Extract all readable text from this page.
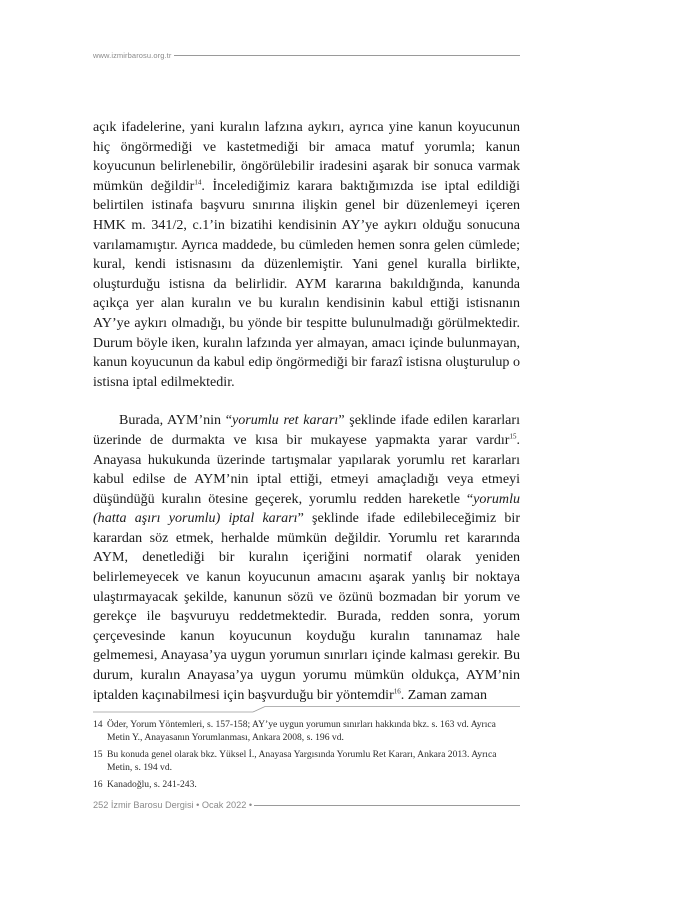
www.izmirbarosu.org.tr

açık ifadelerine, yani kuralın lafzına aykırı, ayrıca yine kanun koyucunun hiç öngörmediği ve kastetmediği bir amaca matuf yorumla; kanun koyucunun belirlenebilir, öngörülebilir iradesini aşarak bir sonuca varmak mümkün değildir$^{14}$. İncelediğimiz karara baktığımızda ise iptal edildiği belirtilen istinafa başvuru sınırına ilişkin genel bir düzenlemeyi içeren HMK m. 341/2, c.1’in bizatihi kendisinin AY’ye aykırı olduğu sonucuna varılamamıştır. Ayrıca maddede, bu cümleden hemen sonra gelen cümlede; kural, kendi istisnasını da düzenlemiştir. Yani genel kuralla birlikte, oluşturduğu istisna da belirlidir. AYM kararına bakıldığında, kanunda açıkça yer alan kuralın ve bu kuralın kendisinin kabul ettiği istisnanın AY’ye aykırı olmadığı, bu yönde bir tespitte bulunulmadığı görülmektedir. Durum böyle iken, kuralın lafzında yer almayan, amacı içinde bulunmayan, kanun koyucunun da kabul edip öngörmediği bir farazî istisna oluşturulup o istisna iptal edilmektedir.

Burada, AYM’nin “yorumlu ret kararı” şeklinde ifade edilen kararları üzerinde de durmakta ve kısa bir mukayese yapmakta yarar vardır$^{15}$. Anayasa hukukunda üzerinde tartışmalar yapılarak yorumlu ret kararları kabul edilse de AYM’nin iptal ettiği, etmeyi amaçladığı veya etmeyi düşündüğü kuralın ötesine geçerek, yorumlu redden hareketle “yorumlu (hatta aşırı yorumlu) iptal kararı” şeklinde ifade edilebileceğimiz bir karardan söz etmek, herhalde mümkün değildir. Yorumlu ret kararında AYM, denetlediği bir kuralın içeriğini normatif olarak yeniden belirlemeyecek ve kanun koyucunun amacını aşarak yanlış bir noktaya ulaştırmayacak şekilde, kanunun sözü ve özünü bozmadan bir yorum ve gerekçe ile başvuruyu reddetmektedir. Burada, redden sonra, yorum çerçevesinde kanun koyucunun koyduğu kuralın tanınamaz hale gelmemesi, Anayasa’ya uygun yorumun sınırları içinde kalması gerekir. Bu durum, kuralın Anayasa’ya uygun yorumu mümkün oldukça, AYM’nin iptalden kaçınabilmesi için başvurduğu bir yöntemdir$^{16}$. Zaman zaman

14 Öder, Yorum Yöntemleri, s. 157-158; AY’ye uygun yorumun sınırları hakkında bkz. s. 163 vd. Ayrıca Metin Y., Anayasanın Yorumlanması, Ankara 2008, s. 196 vd.
15 Bu konuda genel olarak bkz. Yüksel İ., Anayasa Yargısında Yorumlu Ret Kararı, Ankara 2013. Ayrıca Metin, s. 194 vd.
16 Kanadoğlu, s. 241-243.
252 İzmir Barosu Dergisi • Ocak 2022 •
